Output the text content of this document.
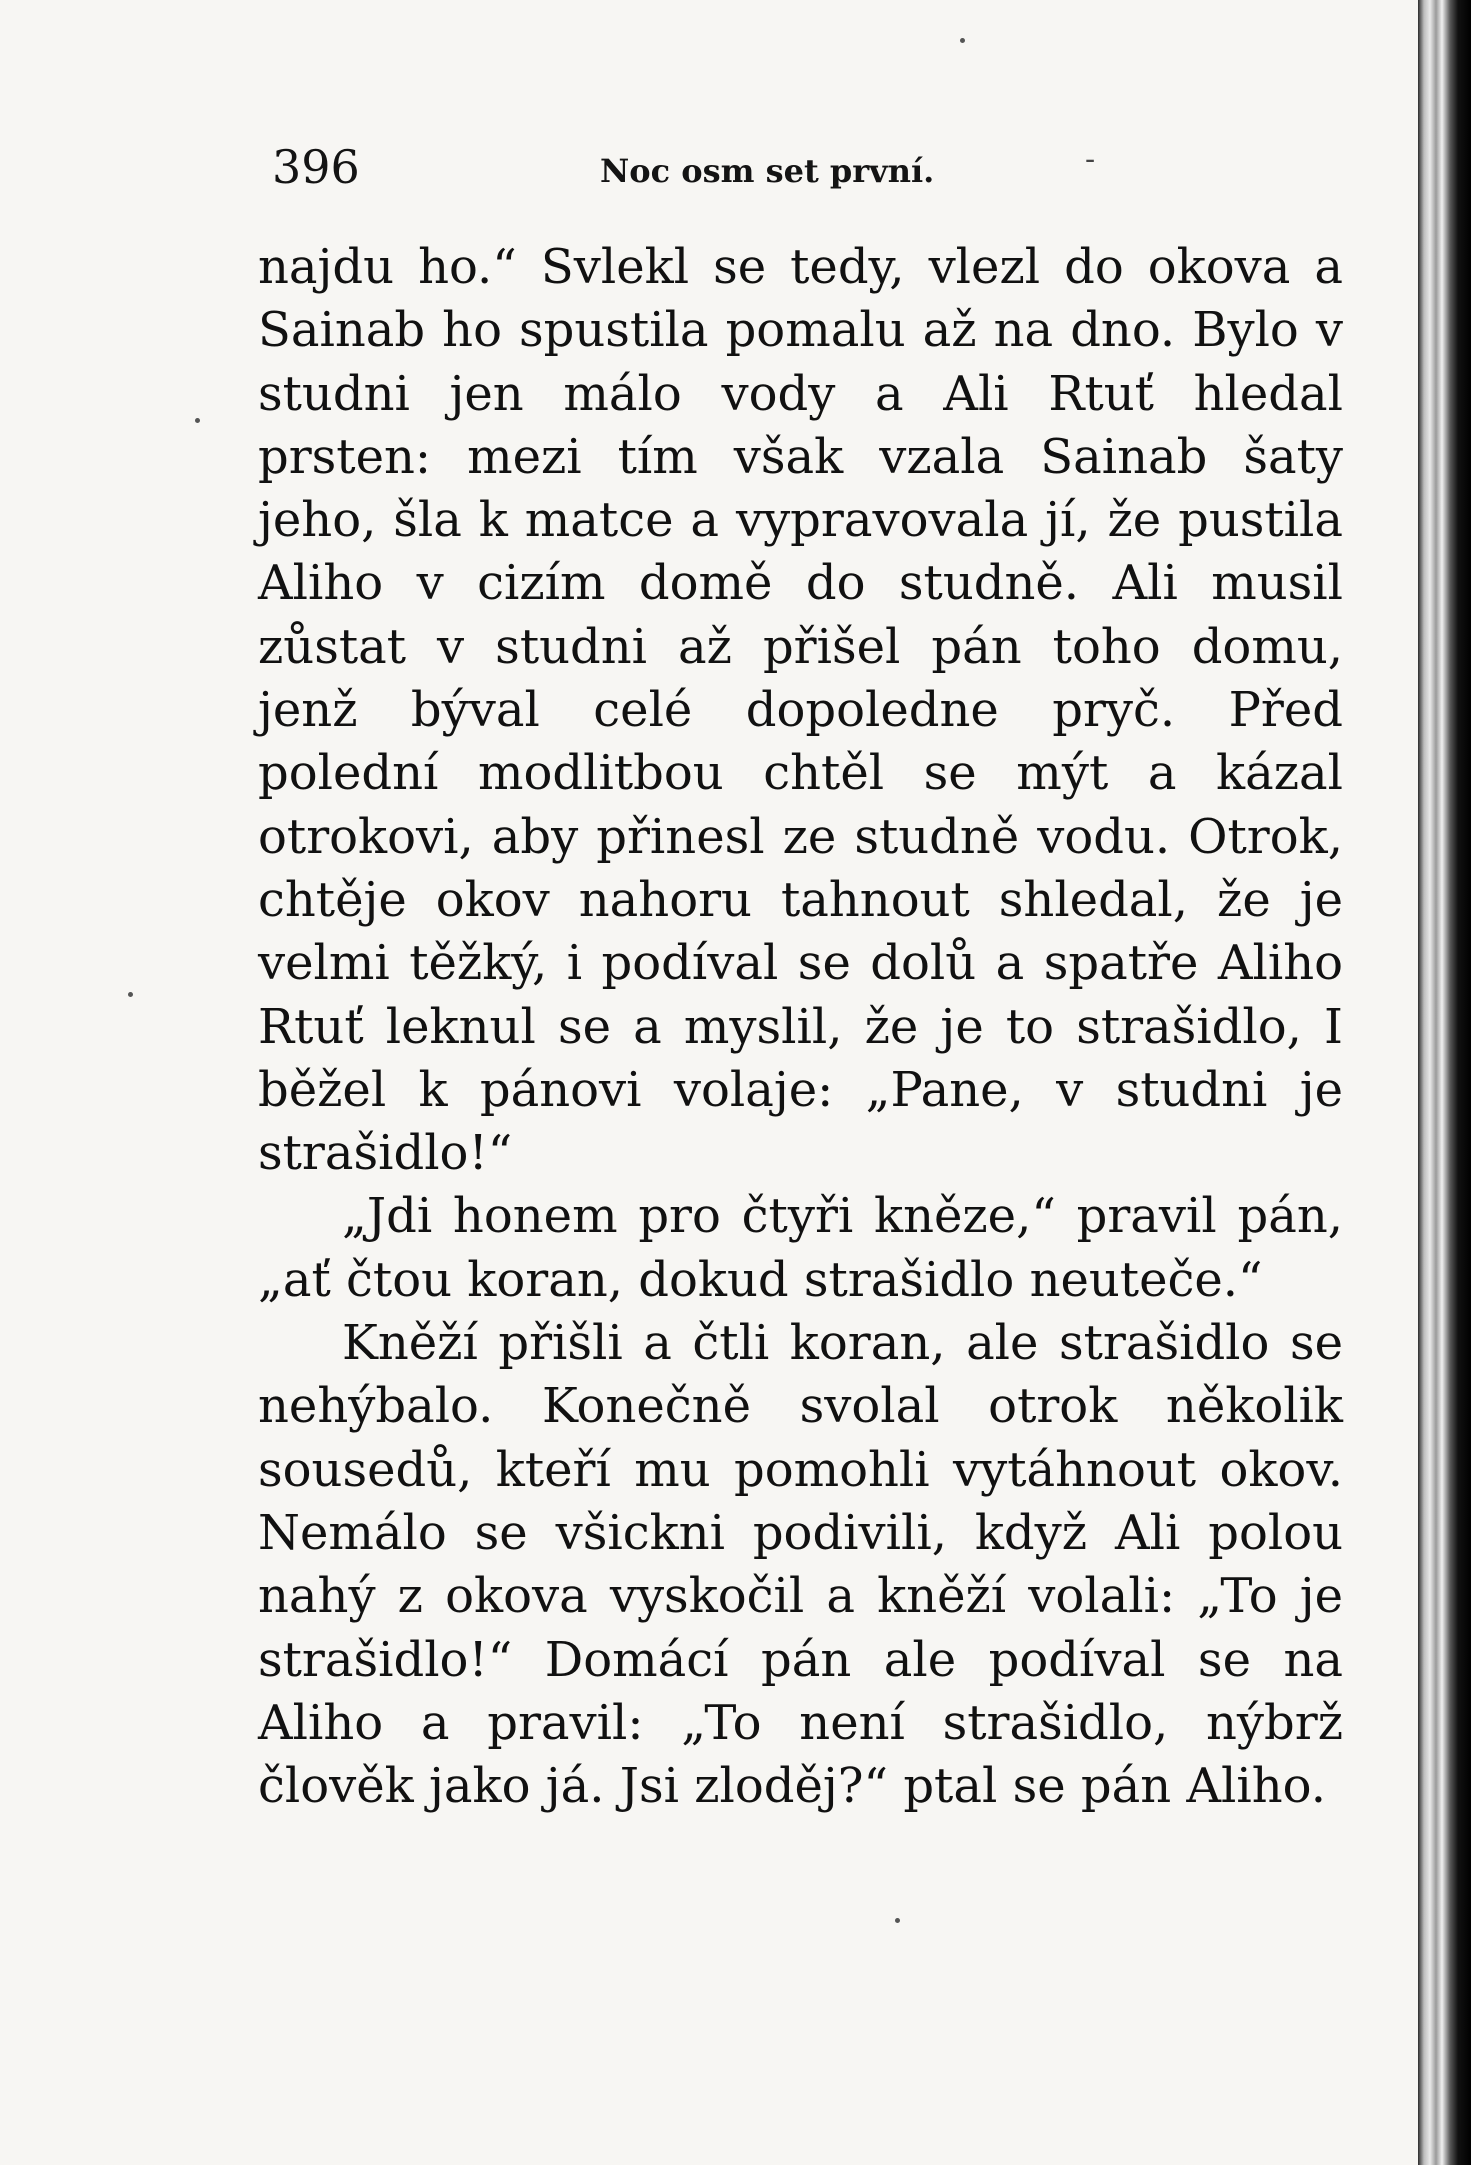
396	Noc osm set první.	-

najdu ho.“ Svlekl se tedy, vlezl do okova a Sainab ho spustila pomalu až na dno. Bylo v studni jen málo vody a Ali Rtuť hledal prsten: mezi tím však vzala Sainab šaty jeho, šla k matce a vypravovala jí, že pustila Aliho v cizím domě do studně. Ali musil zůstat v studni až přišel pán toho domu, jenž býval celé dopoledne pryč. Před polední modlitbou chtěl se mýt a kázal otrokovi, aby přinesl ze studně vodu. Otrok, chtěje okov nahoru tahnout shledal, že je velmi těžký, i podíval se dolů a spatře Aliho Rtuť leknul se a myslil, že je to strašidlo, I běžel k pánovi volaje: „Pane, v studni je strašidlo!“

„Jdi honem pro čtyři kněze,“ pravil pán, „ať čtou koran, dokud strašidlo neuteče.“

Kněží přišli a čtli koran, ale strašidlo se nehýbalo. Konečně svolal otrok několik sousedů, kteří mu pomohli vytáhnout okov. Nemálo se všickni podivili, když Ali polou nahý z okova vyskočil a kněží volali: „To je strašidlo!“ Domácí pán ale podíval se na Aliho a pravil: „To není strašidlo, nýbrž člověk jako já. Jsi zloděj?“ ptal se pán Aliho.
